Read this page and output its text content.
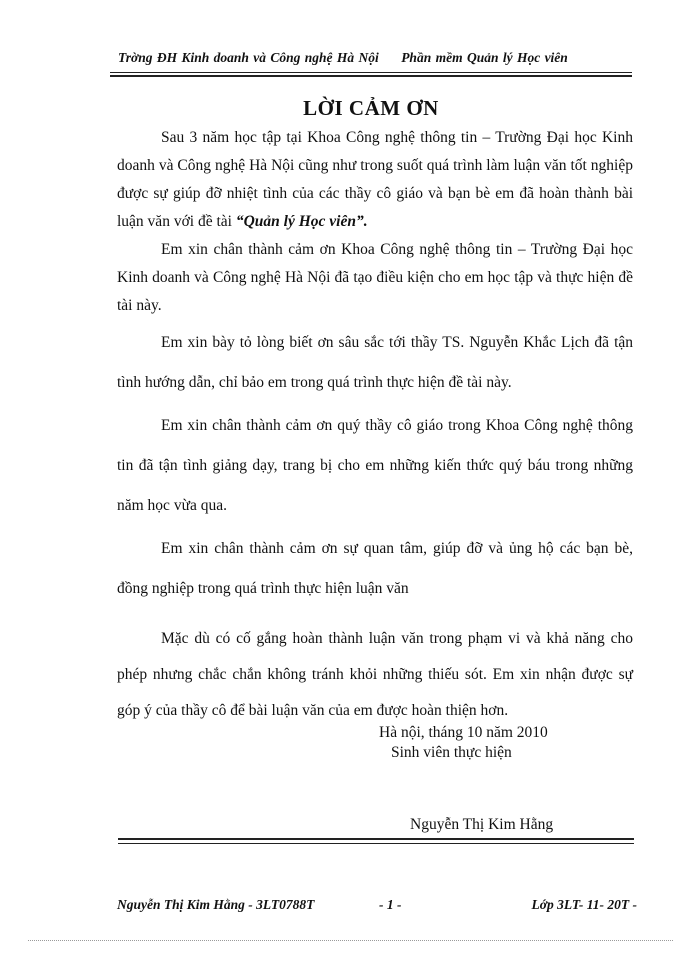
Trờng ĐH Kinh doanh và Công nghệ Hà Nội Phần mềm Quản lý Học viên
LỜI CẢM ƠN

Sau 3 năm học tập tại Khoa Công nghệ thông tin – Trường Đại học Kinh doanh và Công nghệ Hà Nội cũng như trong suốt quá trình làm luận văn tốt nghiệp được sự giúp đỡ nhiệt tình của các thầy cô giáo và bạn bè em đã hoàn thành bài luận văn với đề tài “Quản lý Học viên”.

Em xin chân thành cảm ơn Khoa Công nghệ thông tin – Trường Đại học Kinh doanh và Công nghệ Hà Nội đã tạo điều kiện cho em học tập và thực hiện đề tài này.

Em xin bày tỏ lòng biết ơn sâu sắc tới thầy TS. Nguyễn Khắc Lịch đã tận tình hướng dẫn, chỉ bảo em trong quá trình thực hiện đề tài này.

Em xin chân thành cảm ơn quý thầy cô giáo trong Khoa Công nghệ thông tin đã tận tình giảng dạy, trang bị cho em những kiến thức quý báu trong những năm học vừa qua.

Em xin chân thành cảm ơn sự quan tâm, giúp đỡ và ủng hộ các bạn bè, đồng nghiệp trong quá trình thực hiện luận văn

Mặc dù có cố gắng hoàn thành luận văn trong phạm vi và khả năng cho phép nhưng chắc chắn không tránh khỏi những thiếu sót. Em xin nhận được sự góp ý của thầy cô để bài luận văn của em được hoàn thiện hơn.

Hà nội, tháng 10 năm 2010
Sinh viên thực hiện
Nguyễn Thị Kim Hằng
Nguyễn Thị Kim Hằng - 3LT0788T	- 1 -	Lớp 3LT- 11- 20T -
